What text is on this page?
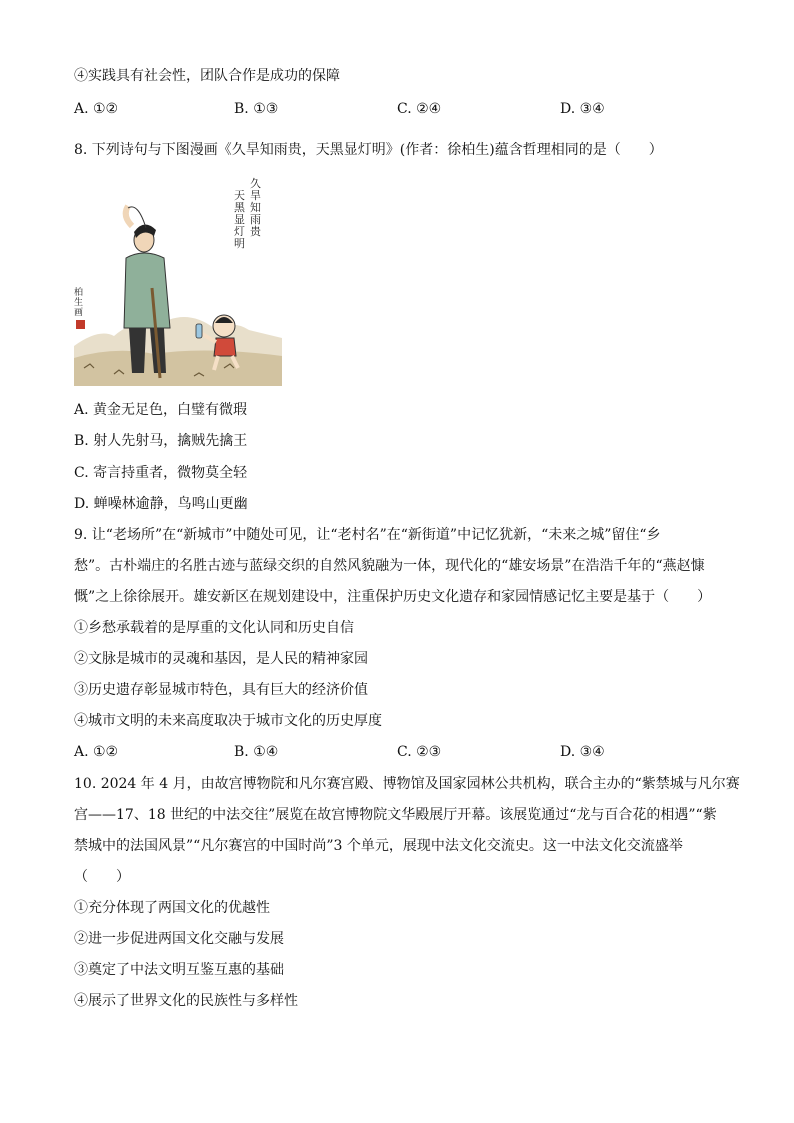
④实践具有社会性，团队合作是成功的保障
A. ①②	B. ①③	C. ②④	D. ③④
8. 下列诗句与下图漫画《久旱知雨贵，天黑显灯明》(作者：徐柏生)蕴含哲理相同的是（　　）
久旱知雨贵
天黑显灯明
柏生画
A. 黄金无足色，白璧有微瑕
B. 射人先射马，擒贼先擒王
C. 寄言持重者，微物莫全轻
D. 蝉噪林逾静，鸟鸣山更幽
9. 让“老场所”在“新城市”中随处可见，让“老村名”在“新街道”中记忆犹新，“未来之城”留住“乡
愁”。古朴端庄的名胜古迹与蓝绿交织的自然风貌融为一体，现代化的“雄安场景”在浩浩千年的“燕赵慷
慨”之上徐徐展开。雄安新区在规划建设中，注重保护历史文化遗存和家园情感记忆主要是基于（　　）
①乡愁承载着的是厚重的文化认同和历史自信
②文脉是城市的灵魂和基因，是人民的精神家园
③历史遗存彰显城市特色，具有巨大的经济价值
④城市文明的未来高度取决于城市文化的历史厚度
A. ①②	B. ①④	C. ②③	D. ③④
10. 2024 年 4 月，由故宫博物院和凡尔赛宫殿、博物馆及国家园林公共机构，联合主办的“紫禁城与凡尔赛
宫——17、18 世纪的中法交往”展览在故宫博物院文华殿展厅开幕。该展览通过“龙与百合花的相遇”“紫
禁城中的法国风景”“凡尔赛宫的中国时尚”3 个单元，展现中法文化交流史。这一中法文化交流盛举
（　　）
①充分体现了两国文化的优越性
②进一步促进两国文化交融与发展
③奠定了中法文明互鉴互惠的基础
④展示了世界文化的民族性与多样性
